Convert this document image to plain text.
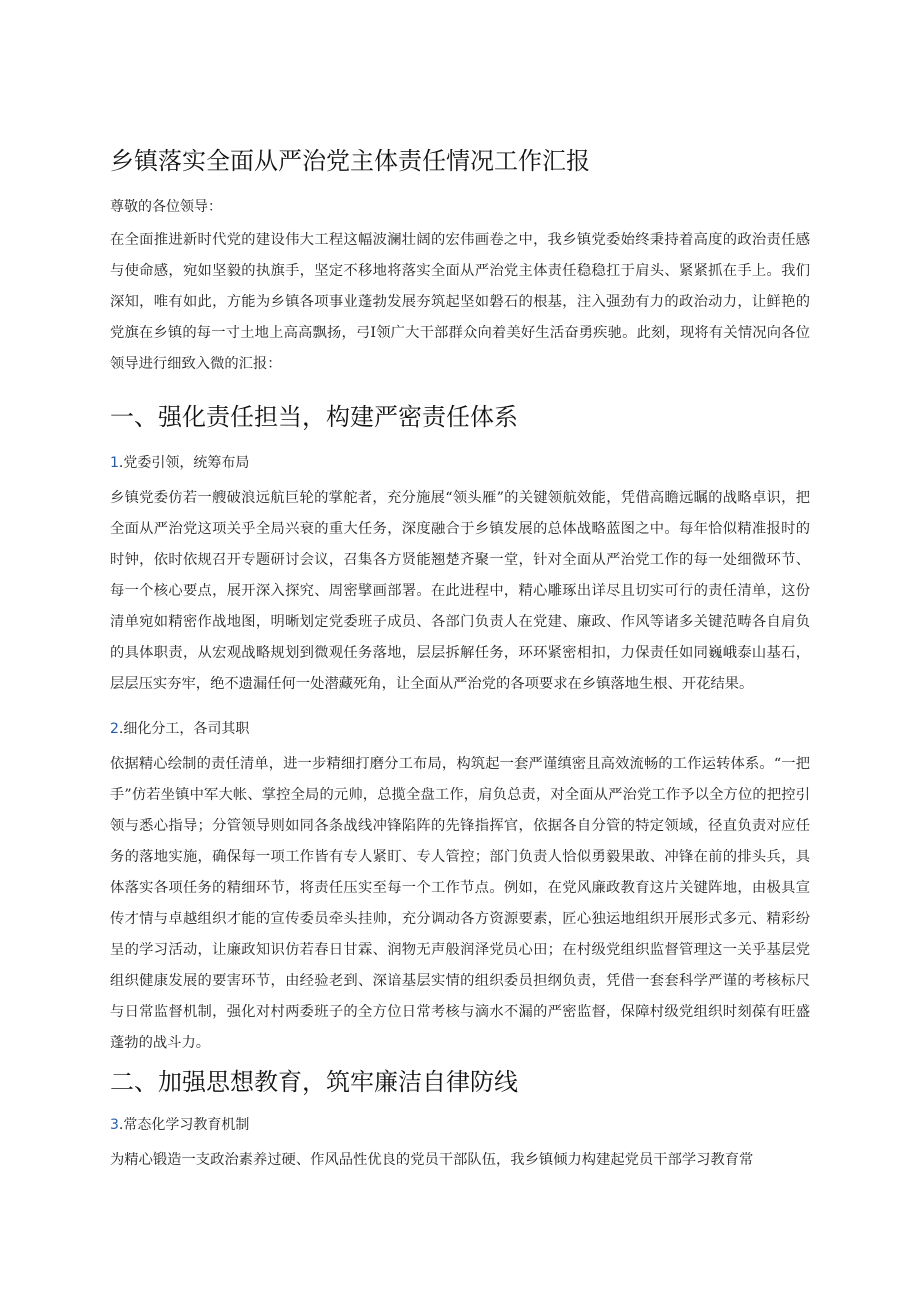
乡镇落实全面从严治党主体责任情况工作汇报
尊敬的各位领导：

在全面推进新时代党的建设伟大工程这幅波澜壮阔的宏伟画卷之中，我乡镇党委始终秉持着高度的政治责任感与使命感，宛如坚毅的执旗手，坚定不移地将落实全面从严治党主体责任稳稳扛于肩头、紧紧抓在手上。我们深知，唯有如此，方能为乡镇各项事业蓬勃发展夯筑起坚如磐石的根基，注入强劲有力的政治动力，让鲜艳的党旗在乡镇的每一寸土地上高高飘扬，弓I领广大干部群众向着美好生活奋勇疾驰。此刻，现将有关情况向各位领导进行细致入微的汇报：

一、强化责任担当，构建严密责任体系
1.党委引领，统筹布局

乡镇党委仿若一艘破浪远航巨轮的掌舵者，充分施展“领头雁”的关键领航效能，凭借高瞻远瞩的战略卓识，把全面从严治党这项关乎全局兴衰的重大任务，深度融合于乡镇发展的总体战略蓝图之中。每年恰似精准报时的时钟，依时依规召开专题研讨会议，召集各方贤能翘楚齐聚一堂，针对全面从严治党工作的每一处细微环节、每一个核心要点，展开深入探究、周密擘画部署。在此进程中，精心雕琢出详尽且切实可行的责任清单，这份清单宛如精密作战地图，明晰划定党委班子成员、各部门负责人在党建、廉政、作风等诸多关键范畴各自肩负的具体职责，从宏观战略规划到微观任务落地，层层拆解任务，环环紧密相扣，力保责任如同巍峨泰山基石，层层压实夯牢，绝不遗漏任何一处潜藏死角，让全面从严治党的各项要求在乡镇落地生根、开花结果。

2.细化分工，各司其职

依据精心绘制的责任清单，进一步精细打磨分工布局，构筑起一套严谨缜密且高效流畅的工作运转体系。“一把手”仿若坐镇中军大帐、掌控全局的元帅，总揽全盘工作，肩负总责，对全面从严治党工作予以全方位的把控引领与悉心指导；分管领导则如同各条战线冲锋陷阵的先锋指挥官，依据各自分管的特定领域，径直负责对应任务的落地实施，确保每一项工作皆有专人紧盯、专人管控；部门负责人恰似勇毅果敢、冲锋在前的排头兵，具体落实各项任务的精细环节，将责任压实至每一个工作节点。例如，在党风廉政教育这片关键阵地，由极具宣传才情与卓越组织才能的宣传委员牵头挂帅，充分调动各方资源要素，匠心独运地组织开展形式多元、精彩纷呈的学习活动，让廉政知识仿若春日甘霖、润物无声般润泽党员心田；在村级党组织监督管理这一关乎基层党组织健康发展的要害环节，由经验老到、深谙基层实情的组织委员担纲负责，凭借一套套科学严谨的考核标尺与日常监督机制，强化对村两委班子的全方位日常考核与滴水不漏的严密监督，保障村级党组织时刻葆有旺盛蓬勃的战斗力。

二、加强思想教育，筑牢廉洁自律防线
3.常态化学习教育机制

为精心锻造一支政治素养过硬、作风品性优良的党员干部队伍，我乡镇倾力构建起党员干部学习教育常
